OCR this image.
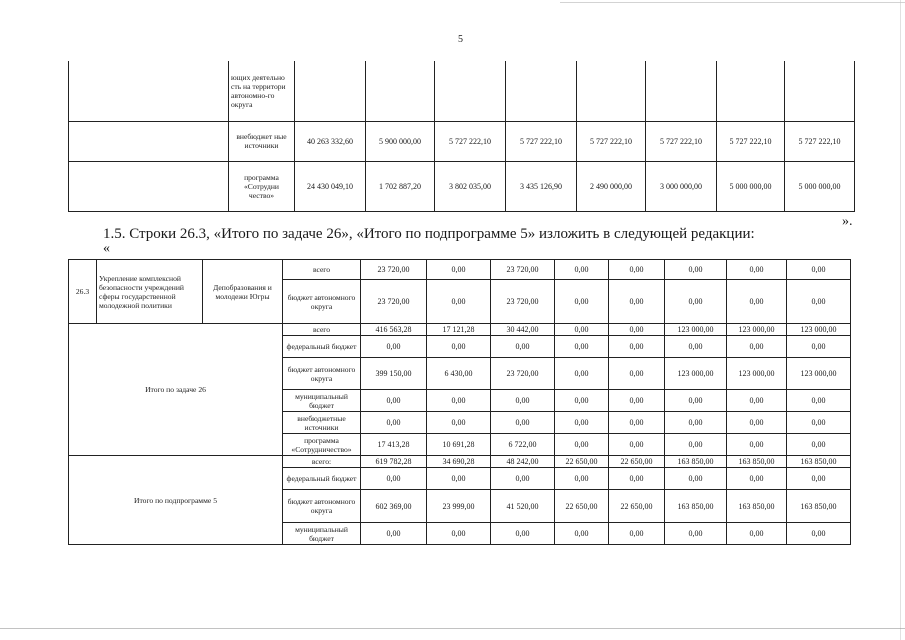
5
	ющих деятельно сть на территори автономно-го округа								
	внебюджет ные источники	40 263 332,60	5 900 000,00	5 727 222,10	5 727 222,10	5 727 222,10	5 727 222,10	5 727 222,10	5 727 222,10
	программа «Сотрудни чество»	24 430 049,10	1 702 887,20	3 802 035,00	3 435 126,90	2 490 000,00	3 000 000,00	5 000 000,00	5 000 000,00
».
1.5. Строки 26.3, «Итого по задаче 26», «Итого по подпрограмме 5» изложить в следующей редакции:
«
26.3	Укрепление комплексной безопасности учреждений сферы государственной молодежной политики	Депобразования и молодежи Югры	всего	23 720,00	0,00	23 720,00	0,00	0,00	0,00	0,00	0,00
			бюджет автономного округа	23 720,00	0,00	23 720,00	0,00	0,00	0,00	0,00	0,00
Итого по задаче 26			всего	416 563,28	17 121,28	30 442,00	0,00	0,00	123 000,00	123 000,00	123 000,00
			федеральный бюджет	0,00	0,00	0,00	0,00	0,00	0,00	0,00	0,00
			бюджет автономного округа	399 150,00	6 430,00	23 720,00	0,00	0,00	123 000,00	123 000,00	123 000,00
			муниципальный бюджет	0,00	0,00	0,00	0,00	0,00	0,00	0,00	0,00
			внебюджетные источники	0,00	0,00	0,00	0,00	0,00	0,00	0,00	0,00
			программа «Сотрудничество»	17 413,28	10 691,28	6 722,00	0,00	0,00	0,00	0,00	0,00
Итого по подпрограмме 5			всего:	619 782,28	34 690,28	48 242,00	22 650,00	22 650,00	163 850,00	163 850,00	163 850,00
			федеральный бюджет	0,00	0,00	0,00	0,00	0,00	0,00	0,00	0,00
			бюджет автономного округа	602 369,00	23 999,00	41 520,00	22 650,00	22 650,00	163 850,00	163 850,00	163 850,00
			муниципальный бюджет	0,00	0,00	0,00	0,00	0,00	0,00	0,00	0,00
